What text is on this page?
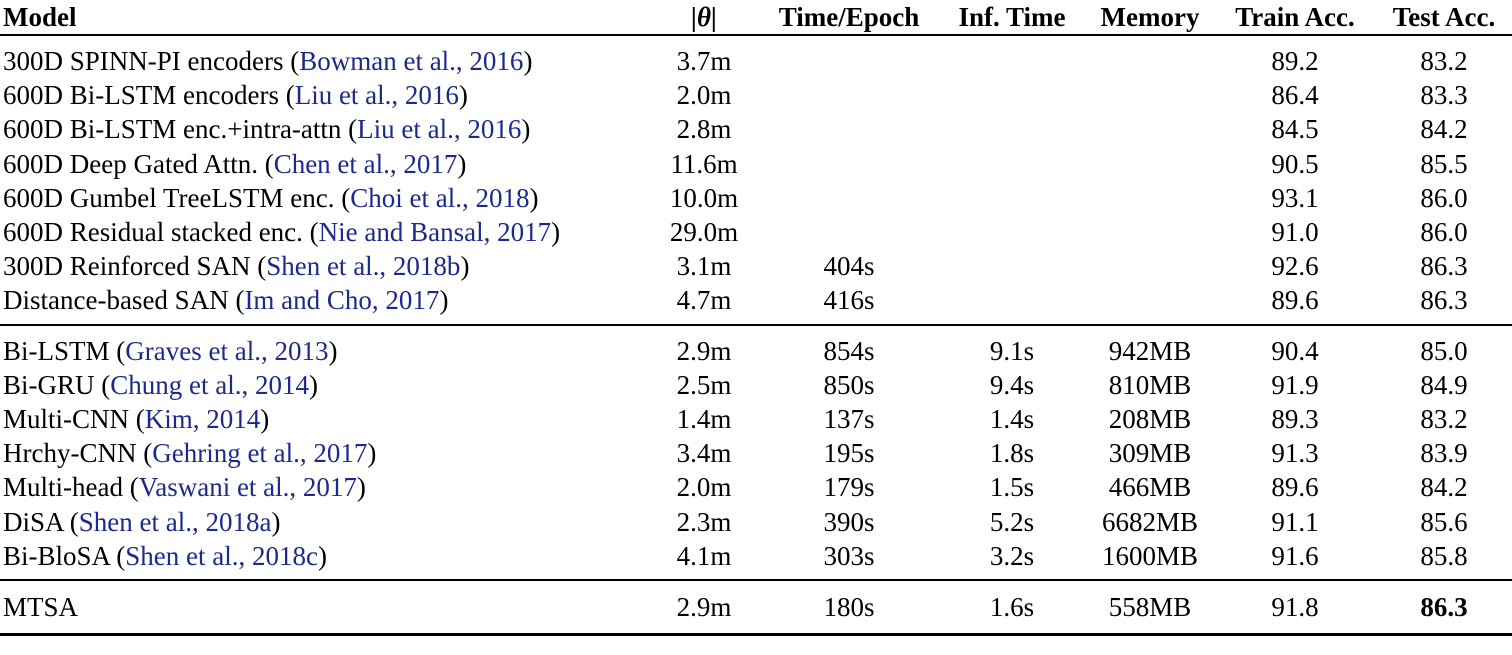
Model	|θ|	Time/Epoch	Inf. Time	Memory	Train Acc.	Test Acc.
300D SPINN-PI encoders (Bowman et al., 2016)	3.7m				89.2	83.2
600D Bi-LSTM encoders (Liu et al., 2016)	2.0m				86.4	83.3
600D Bi-LSTM enc.+intra-attn (Liu et al., 2016)	2.8m				84.5	84.2
600D Deep Gated Attn. (Chen et al., 2017)	11.6m				90.5	85.5
600D Gumbel TreeLSTM enc. (Choi et al., 2018)	10.0m				93.1	86.0
600D Residual stacked enc. (Nie and Bansal, 2017)	29.0m				91.0	86.0
300D Reinforced SAN (Shen et al., 2018b)	3.1m	404s			92.6	86.3
Distance-based SAN (Im and Cho, 2017)	4.7m	416s			89.6	86.3
Bi-LSTM (Graves et al., 2013)	2.9m	854s	9.1s	942MB	90.4	85.0
Bi-GRU (Chung et al., 2014)	2.5m	850s	9.4s	810MB	91.9	84.9
Multi-CNN (Kim, 2014)	1.4m	137s	1.4s	208MB	89.3	83.2
Hrchy-CNN (Gehring et al., 2017)	3.4m	195s	1.8s	309MB	91.3	83.9
Multi-head (Vaswani et al., 2017)	2.0m	179s	1.5s	466MB	89.6	84.2
DiSA (Shen et al., 2018a)	2.3m	390s	5.2s	6682MB	91.1	85.6
Bi-BloSA (Shen et al., 2018c)	4.1m	303s	3.2s	1600MB	91.6	85.8
MTSA	2.9m	180s	1.6s	558MB	91.8	86.3
